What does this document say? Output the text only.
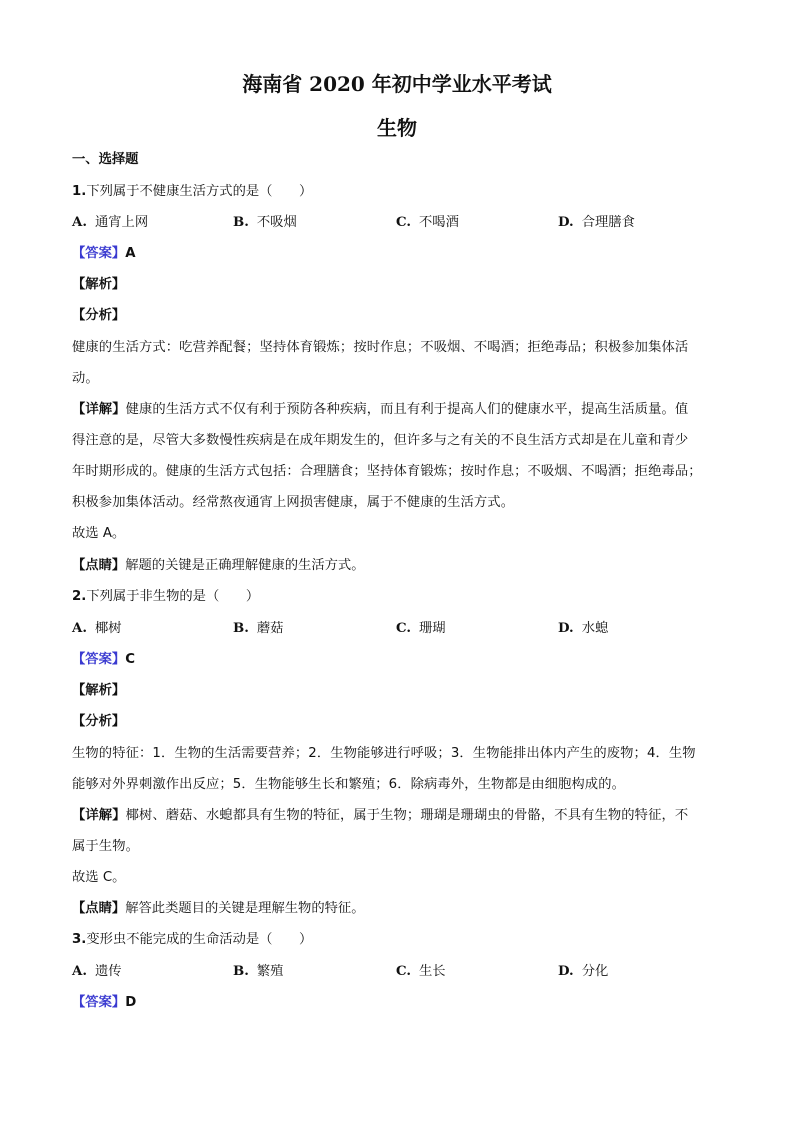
海南省 2020 年初中学业水平考试
生物
一、选择题
1.下列属于不健康生活方式的是（　　）
A. 通宵上网	B. 不吸烟	C. 不喝酒	D. 合理膳食
【答案】A
【解析】
【分析】
健康的生活方式：吃营养配餐；坚持体育锻炼；按时作息；不吸烟、不喝酒；拒绝毒品；积极参加集体活
动。
【详解】健康的生活方式不仅有利于预防各种疾病，而且有利于提高人们的健康水平，提高生活质量。值
得注意的是，尽管大多数慢性疾病是在成年期发生的，但许多与之有关的不良生活方式却是在儿童和青少
年时期形成的。健康的生活方式包括：合理膳食；坚持体育锻炼；按时作息；不吸烟、不喝酒；拒绝毒品；
积极参加集体活动。经常熬夜通宵上网损害健康，属于不健康的生活方式。
故选 A。
【点睛】解题的关键是正确理解健康的生活方式。
2.下列属于非生物的是（　　）
A. 椰树	B. 蘑菇	C. 珊瑚	D. 水螅
【答案】C
【解析】
【分析】
生物的特征：1．生物的生活需要营养；2．生物能够进行呼吸；3．生物能排出体内产生的废物；4．生物
能够对外界刺激作出反应；5．生物能够生长和繁殖；6．除病毒外，生物都是由细胞构成的。
【详解】椰树、蘑菇、水螅都具有生物的特征，属于生物；珊瑚是珊瑚虫的骨骼，不具有生物的特征，不
属于生物。
故选 C。
【点睛】解答此类题目的关键是理解生物的特征。
3.变形虫不能完成的生命活动是（　　）
A. 遗传	B. 繁殖	C. 生长	D. 分化
【答案】D
